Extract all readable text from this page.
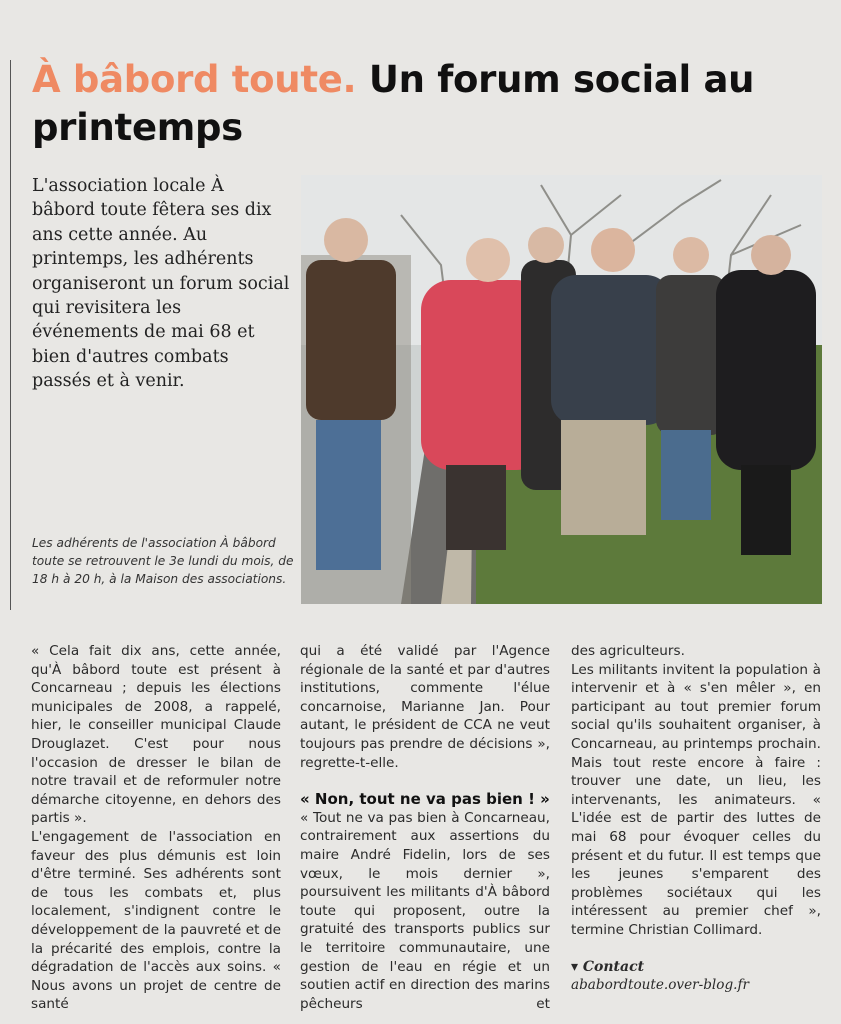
À bâbord toute. Un forum social au printemps
L'association locale À bâbord toute fêtera ses dix ans cette année. Au printemps, les adhérents organiseront un forum social qui revisitera les événements de mai 68 et bien d'autres combats passés et à venir.
Les adhérents de l'association À bâbord toute se retrouvent le 3e lundi du mois, de 18 h à 20 h, à la Maison des associations.

« Cela fait dix ans, cette année, qu'À bâbord toute est présent à Concarneau ; depuis les élections municipales de 2008, a rappelé, hier, le conseiller municipal Claude Drouglazet. C'est pour nous l'occasion de dresser le bilan de notre travail et de reformuler notre démarche citoyenne, en dehors des partis ».

L'engagement de l'association en faveur des plus démunis est loin d'être terminé. Ses adhérents sont de tous les combats et, plus localement, s'indignent contre le développement de la pauvreté et de la précarité des emplois, contre la dégradation de l'accès aux soins. « Nous avons un projet de centre de santé

qui a été validé par l'Agence régionale de la santé et par d'autres institutions, commente l'élue concarnoise, Marianne Jan. Pour autant, le président de CCA ne veut toujours pas prendre de décisions », regrette-t-elle.

« Non, tout ne va pas bien ! »

« Tout ne va pas bien à Concarneau, contrairement aux assertions du maire André Fidelin, lors de ses vœux, le mois dernier », poursuivent les militants d'À bâbord toute qui proposent, outre la gratuité des transports publics sur le territoire communautaire, une gestion de l'eau en régie et un soutien actif en direction des marins pêcheurs et

des agriculteurs.

Les militants invitent la population à intervenir et à « s'en mêler », en participant au tout premier forum social qu'ils souhaitent organiser, à Concarneau, au printemps prochain. Mais tout reste encore à faire : trouver une date, un lieu, les intervenants, les animateurs. « L'idée est de partir des luttes de mai 68 pour évoquer celles du présent et du futur. Il est temps que les jeunes s'emparent des problèmes sociétaux qui les intéressent au premier chef », termine Christian Collimard.

▾ Contact
ababordtoute.over-blog.fr
